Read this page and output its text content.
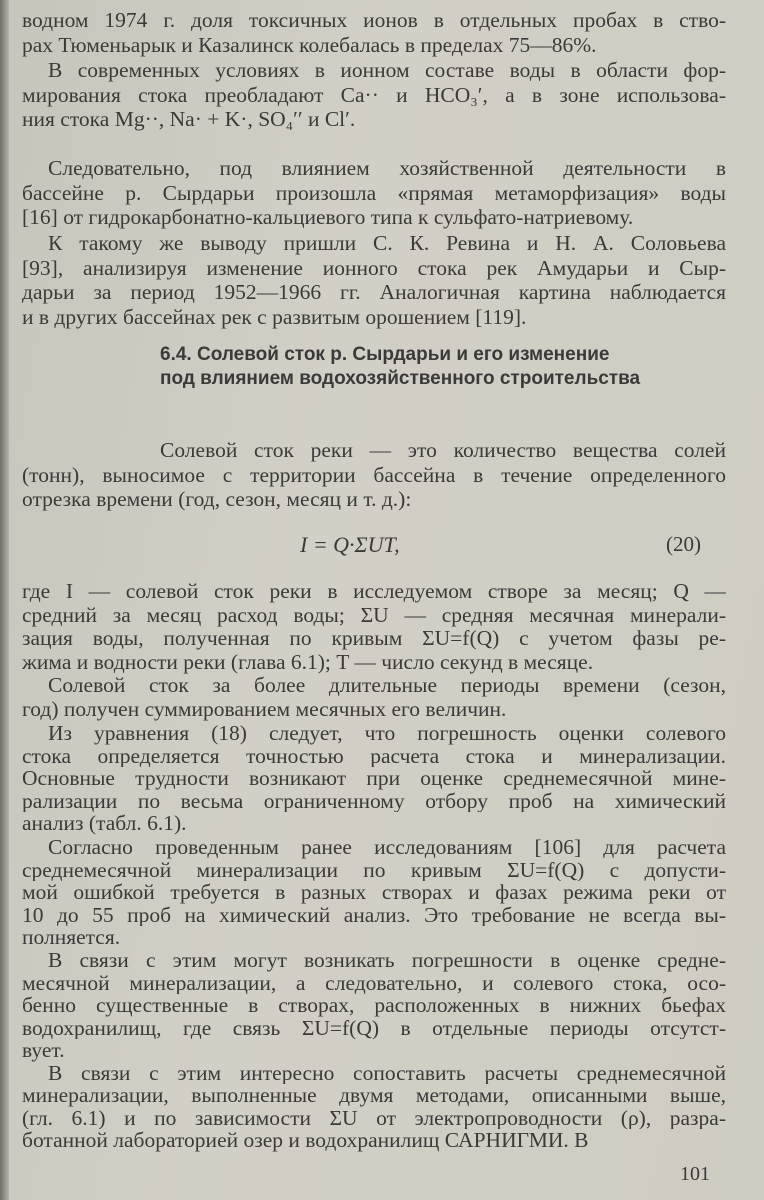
водном 1974 г. доля токсичных ионов в отдельных пробах в ство-
рах Тюменьарык и Казалинск колебалась в пределах 75—86%.
В современных условиях в ионном составе воды в области фор-
мирования стока преобладают Ca·· и HCO₃′, а в зоне использова-
ния стока Mg··, Na· + K·, SO₄′′ и Cl′.
Следовательно, под влиянием хозяйственной деятельности в
бассейне р. Сырдарьи произошла «прямая метаморфизация» воды
[16] от гидрокарбонатно-кальциевого типа к сульфато-натриевому.
К такому же выводу пришли С. К. Ревина и Н. А. Соловьева
[93], анализируя изменение ионного стока рек Амударьи и Сыр-
дарьи за период 1952—1966 гг. Аналогичная картина наблюдается
и в других бассейнах рек с развитым орошением [119].
Солевой сток реки — это количество вещества солей
(тонн), выносимое с территории бассейна в течение определенного
отрезка времени (год, сезон, месяц и т. д.):
где I — солевой сток реки в исследуемом створе за месяц; Q —
средний за месяц расход воды; ΣU — средняя месячная минерали-
зация воды, полученная по кривым ΣU=f(Q) с учетом фазы ре-
жима и водности реки (глава 6.1); T — число секунд в месяце.
Солевой сток за более длительные периоды времени (сезон,
год) получен суммированием месячных его величин.
Из уравнения (18) следует, что погрешность оценки солевого
стока определяется точностью расчета стока и минерализации.
Основные трудности возникают при оценке среднемесячной мине-
рализации по весьма ограниченному отбору проб на химический
анализ (табл. 6.1).
Согласно проведенным ранее исследованиям [106] для расчета
среднемесячной минерализации по кривым ΣU=f(Q) с допусти-
мой ошибкой требуется в разных створах и фазах режима реки от
10 до 55 проб на химический анализ. Это требование не всегда вы-
полняется.
В связи с этим могут возникать погрешности в оценке средне-
месячной минерализации, а следовательно, и солевого стока, осо-
бенно существенные в створах, расположенных в нижних бьефах
водохранилищ, где связь ΣU=f(Q) в отдельные периоды отсутст-
вует.
В связи с этим интересно сопоставить расчеты среднемесячной
минерализации, выполненные двумя методами, описанными выше,
(гл. 6.1) и по зависимости ΣU от электропроводности (ρ), разра-
ботанной лабораторией озер и водохранилищ САРНИГМИ. В
6.4. Солевой сток р. Сырдарьи и его изменение
под влиянием водохозяйственного строительства
I = Q·ΣUT,	(20)
101
